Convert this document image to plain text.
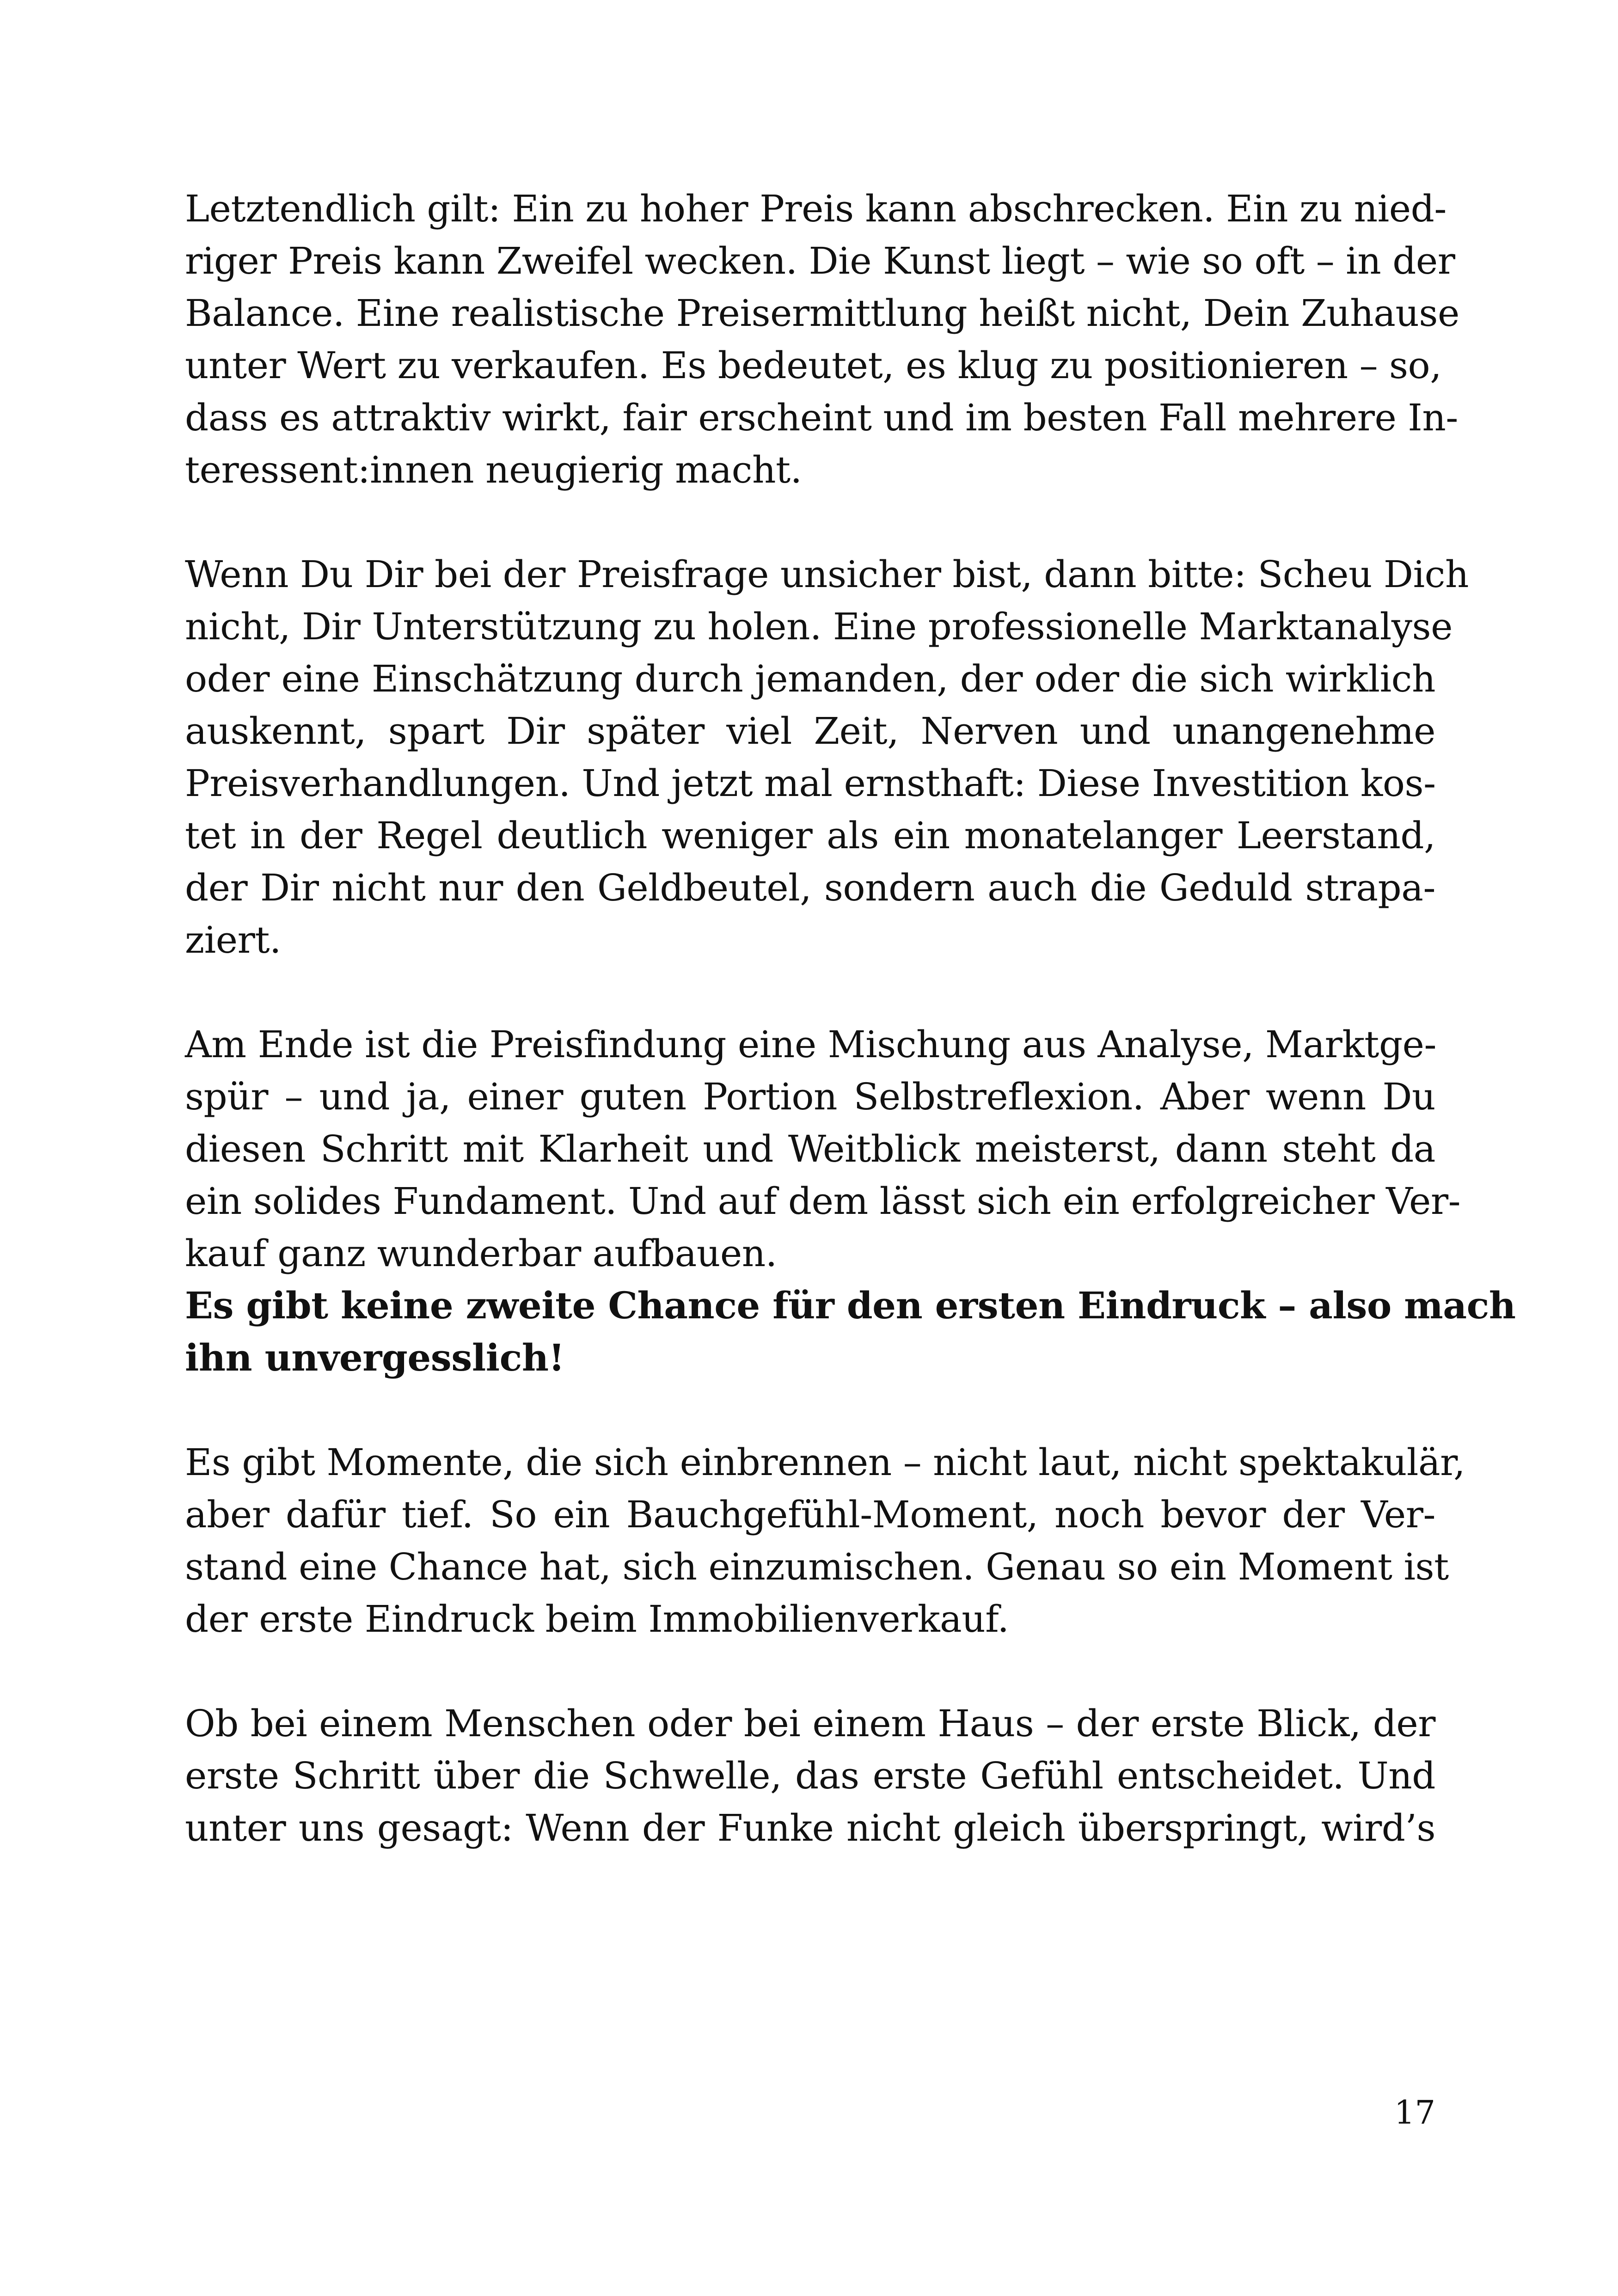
Letztendlich gilt: Ein zu hoher Preis kann abschrecken. Ein zu nied-
riger Preis kann Zweifel wecken. Die Kunst liegt – wie so oft – in der
Balance. Eine realistische Preisermittlung heißt nicht, Dein Zuhause
unter Wert zu verkaufen. Es bedeutet, es klug zu positionieren – so,
dass es attraktiv wirkt, fair erscheint und im besten Fall mehrere In-
teressent:innen neugierig macht.

Wenn Du Dir bei der Preisfrage unsicher bist, dann bitte: Scheu Dich
nicht, Dir Unterstützung zu holen. Eine professionelle Marktanalyse
oder eine Einschätzung durch jemanden, der oder die sich wirklich
auskennt, spart Dir später viel Zeit, Nerven und unangenehme
Preisverhandlungen. Und jetzt mal ernsthaft: Diese Investition kos-
tet in der Regel deutlich weniger als ein monatelanger Leerstand,
der Dir nicht nur den Geldbeutel, sondern auch die Geduld strapa-
ziert.

Am Ende ist die Preisfindung eine Mischung aus Analyse, Marktge-
spür – und ja, einer guten Portion Selbstreflexion. Aber wenn Du
diesen Schritt mit Klarheit und Weitblick meisterst, dann steht da
ein solides Fundament. Und auf dem lässt sich ein erfolgreicher Ver-
kauf ganz wunderbar aufbauen.

Es gibt keine zweite Chance für den ersten Eindruck – also mach
ihn unvergesslich!

Es gibt Momente, die sich einbrennen – nicht laut, nicht spektakulär,
aber dafür tief. So ein Bauchgefühl-Moment, noch bevor der Ver-
stand eine Chance hat, sich einzumischen. Genau so ein Moment ist
der erste Eindruck beim Immobilienverkauf.

Ob bei einem Menschen oder bei einem Haus – der erste Blick, der
erste Schritt über die Schwelle, das erste Gefühl entscheidet. Und
unter uns gesagt: Wenn der Funke nicht gleich überspringt, wird’s

17
